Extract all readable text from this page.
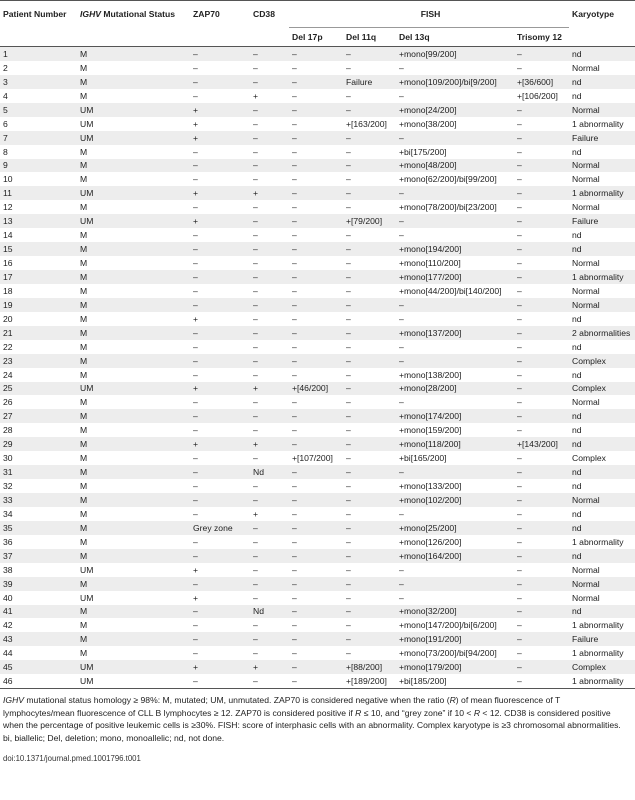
Patient Number	IGHV Mutational Status	ZAP70	CD38	FISH				Karyotype
				Del 17p	Del 11q	Del 13q	Trisomy 12	
1	M	–	–	–	–	+mono[99/200]	–	nd
2	M	–	–	–	–	–	–	Normal
3	M	–	–	–	Failure	+mono[109/200]/bi[9/200]	+[36/600]	nd
4	M	–	+	–	–	–	+[106/200]	nd
5	UM	+	–	–	–	+mono[24/200]	–	Normal
6	UM	+	–	–	+[163/200]	+mono[38/200]	–	1 abnormality
7	UM	+	–	–	–	–	–	Failure
8	M	–	–	–	–	+bi[175/200]	–	nd
9	M	–	–	–	–	+mono[48/200]	–	Normal
10	M	–	–	–	–	+mono[62/200]/bi[99/200]	–	Normal
11	UM	+	+	–	–	–	–	1 abnormality
12	M	–	–	–	–	+mono[78/200]/bi[23/200]	–	Normal
13	UM	+	–	–	+[79/200]	–	–	Failure
14	M	–	–	–	–	–	–	nd
15	M	–	–	–	–	+mono[194/200]	–	nd
16	M	–	–	–	–	+mono[110/200]	–	Normal
17	M	–	–	–	–	+mono[177/200]	–	1 abnormality
18	M	–	–	–	–	+mono[44/200]/bi[140/200]	–	Normal
19	M	–	–	–	–	–	–	Normal
20	M	+	–	–	–	–	–	nd
21	M	–	–	–	–	+mono[137/200]	–	2 abnormalities
22	M	–	–	–	–	–	–	nd
23	M	–	–	–	–	–	–	Complex
24	M	–	–	–	–	+mono[138/200]	–	nd
25	UM	+	+	+[46/200]	–	+mono[28/200]	–	Complex
26	M	–	–	–	–	–	–	Normal
27	M	–	–	–	–	+mono[174/200]	–	nd
28	M	–	–	–	–	+mono[159/200]	–	nd
29	M	+	+	–	–	+mono[118/200]	+[143/200]	nd
30	M	–	–	+[107/200]	–	+bi[165/200]	–	Complex
31	M	–	Nd	–	–	–	–	nd
32	M	–	–	–	–	+mono[133/200]	–	nd
33	M	–	–	–	–	+mono[102/200]	–	Normal
34	M	–	+	–	–	–	–	nd
35	M	Grey zone	–	–	–	+mono[25/200]	–	nd
36	M	–	–	–	–	+mono[126/200]	–	1 abnormality
37	M	–	–	–	–	+mono[164/200]	–	nd
38	UM	+	–	–	–	–	–	Normal
39	M	–	–	–	–	–	–	Normal
40	UM	+	–	–	–	–	–	Normal
41	M	–	Nd	–	–	+mono[32/200]	–	nd
42	M	–	–	–	–	+mono[147/200]/bi[6/200]	–	1 abnormality
43	M	–	–	–	–	+mono[191/200]	–	Failure
44	M	–	–	–	–	+mono[73/200]/bi[94/200]	–	1 abnormality
45	UM	+	+	–	+[88/200]	+mono[179/200]	–	Complex
46	UM	–	–	–	+[189/200]	+bi[185/200]	–	1 abnormality
IGHV mutational status homology ≥ 98%: M, mutated; UM, unmutated. ZAP70 is considered negative when the ratio (R) of mean fluorescence of T lymphocytes/mean fluorescence of CLL B lymphocytes ≥ 12. ZAP70 is considered positive if R ≤ 10, and “grey zone” if 10 < R < 12. CD38 is considered positive when the percentage of positive leukemic cells is ≥30%. FISH: score of interphasic cells with an abnormality. Complex karyotype is ≥3 chromosomal abnormalities. bi, biallelic; Del, deletion; mono, monoallelic; nd, not done.
doi:10.1371/journal.pmed.1001796.t001
